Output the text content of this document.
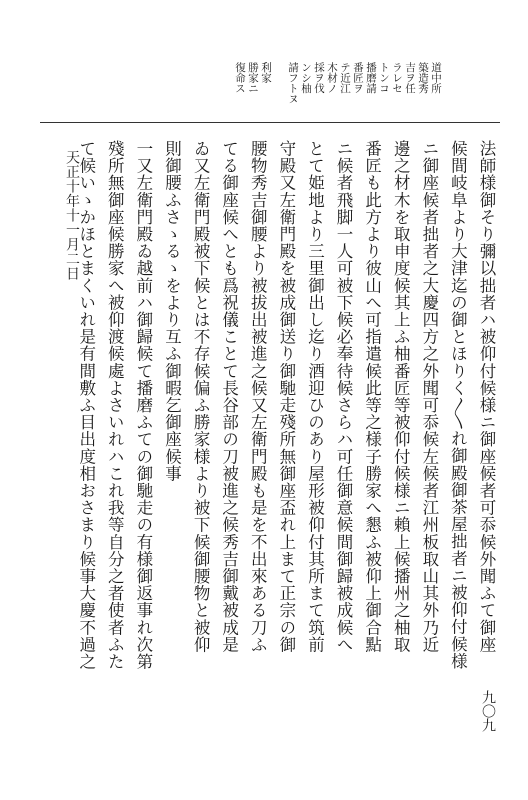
道中所
築造秀
吉ヲ任
ラレセ
トンコ
播磨請
番匠ヲ
テ近江
木材ノ
採ヲ伐
ンシ柚
請フトヌ
利家
勝家ニ
復命ス
法師様御そり彌以拙者ハ被仰付候様ニ御座候者可忝候外聞ふて御座
候間岐阜より大津迄の御とほりく〳〵れ御殿御茶屋拙者ニ被仰付候様
ニ御座候者拙者之大慶四方之外聞可忝候左候者江州板取山其外乃近
邊之材木を取申度候其上ふ柚番匠等被仰付候様ニ賴上候播州之柚取
番匠も此方より彼山へ可指遣候此等之様子勝家へ懇ふ被仰上御合點
ニ候者飛脚一人可被下候必奉待候さらハ可任御意候間御歸被成候へ
とて姫地より三里御出し迄り酒迎ひのあり屋形被仰付其所まて筑前
守殿又左衛門殿を被成御送り御馳走殘所無御座盃れ上まて正宗の御
腰物秀吉御腰より被拔出被進之候又左衛門殿も是を不出來ある刀ふ
てる御座候へとも爲祝儀ことて長谷部の刀被進之候秀吉御戴被成是
ゐ又左衛門殿被下候とは不存候偏ふ勝家様より被下候御腰物と被仰
則御腰ふさゝるゝをより互ふ御暇乞御座候事
一又左衛門殿ゐ越前ハ御歸候て播磨ふての御馳走の有様御返事れ次第
殘所無御座候勝家へ被仰渡候處よさいれハこれ我等自分之者使者ふた
て候いゝかほとまくいれ是有間敷ふ目出度相おさまり候事大慶不過之
九〇九
天正十年十一月二日
